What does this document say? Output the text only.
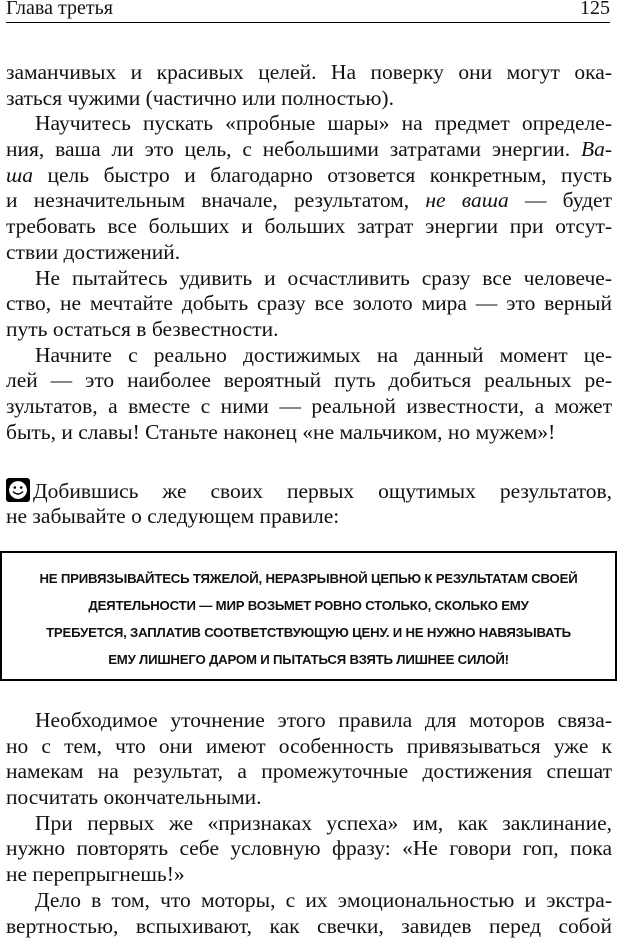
Глава третья	125
заманчивых и красивых целей. На поверку они могут ока-
заться чужими (частично или полностью).
Научитесь пускать «пробные шары» на предмет определе-
ния, ваша ли это цель, с небольшими затратами энергии. Ва-
ша цель быстро и благодарно отзовется конкретным, пусть
и незначительным вначале, результатом, не ваша — будет
требовать все больших и больших затрат энергии при отсут-
ствии достижений.
Не пытайтесь удивить и осчастливить сразу все человече-
ство, не мечтайте добыть сразу все золото мира — это верный
путь остаться в безвестности.
Начните с реально достижимых на данный момент це-
лей — это наиболее вероятный путь добиться реальных ре-
зультатов, а вместе с ними — реальной известности, а может
быть, и славы! Станьте наконец «не мальчиком, но мужем»!
Добившись же своих первых ощутимых результатов,
не забывайте о следующем правиле:
НЕ ПРИВЯЗЫВАЙТЕСЬ ТЯЖЕЛОЙ, НЕРАЗРЫВНОЙ ЦЕПЬЮ К РЕЗУЛЬТАТАМ СВОЕЙ
ДЕЯТЕЛЬНОСТИ — МИР ВОЗЬМЕТ РОВНО СТОЛЬКО, СКОЛЬКО ЕМУ
ТРЕБУЕТСЯ, ЗАПЛАТИВ СООТВЕТСТВУЮЩУЮ ЦЕНУ. И НЕ НУЖНО НАВЯЗЫВАТЬ
ЕМУ ЛИШНЕГО ДАРОМ И ПЫТАТЬСЯ ВЗЯТЬ ЛИШНЕЕ СИЛОЙ!
Необходимое уточнение этого правила для моторов связа-
но с тем, что они имеют особенность привязываться уже к
намекам на результат, а промежуточные достижения спешат
посчитать окончательными.
При первых же «признаках успеха» им, как заклинание,
нужно повторять себе условную фразу: «Не говори гоп, пока
не перепрыгнешь!»
Дело в том, что моторы, с их эмоциональностью и экстра-
вертностью, вспыхивают, как свечки, завидев перед собой
